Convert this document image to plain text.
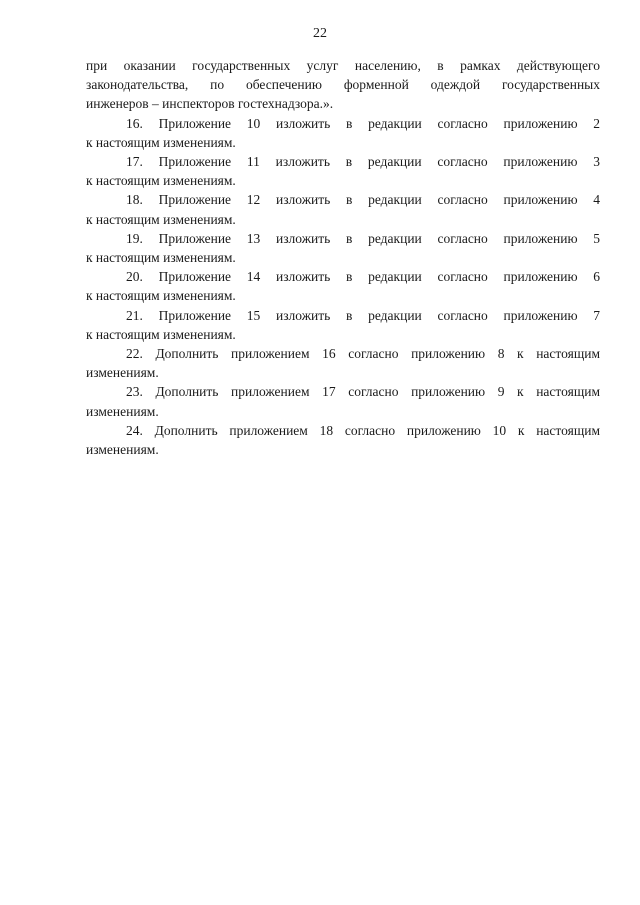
22

при оказании государственных услуг населению, в рамках действующего
законодательства, по обеспечению форменной одеждой государственных
инженеров – инспекторов гостехнадзора.».

16. Приложение 10 изложить в редакции согласно приложению 2
к настоящим изменениям.

17. Приложение 11 изложить в редакции согласно приложению 3
к настоящим изменениям.

18. Приложение 12 изложить в редакции согласно приложению 4
к настоящим изменениям.

19. Приложение 13 изложить в редакции согласно приложению 5
к настоящим изменениям.

20. Приложение 14 изложить в редакции согласно приложению 6
к настоящим изменениям.

21. Приложение 15 изложить в редакции согласно приложению 7
к настоящим изменениям.

22. Дополнить приложением 16 согласно приложению 8 к настоящим
изменениям.

23. Дополнить приложением 17 согласно приложению 9 к настоящим
изменениям.

24. Дополнить приложением 18 согласно приложению 10 к настоящим
изменениям.
